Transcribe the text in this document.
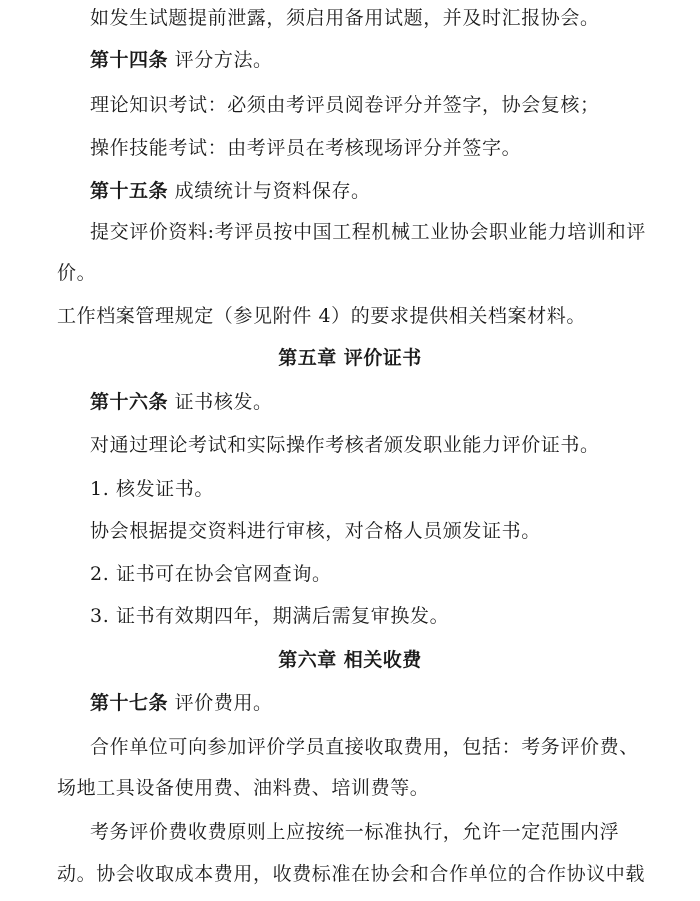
如发生试题提前泄露，须启用备用试题，并及时汇报协会。
第十四条 评分方法。
理论知识考试：必须由考评员阅卷评分并签字，协会复核；
操作技能考试：由考评员在考核现场评分并签字。
第十五条 成绩统计与资料保存。
提交评价资料:考评员按中国工程机械工业协会职业能力培训和评
价。
工作档案管理规定（参见附件 4）的要求提供相关档案材料。
第五章 评价证书
第十六条 证书核发。
对通过理论考试和实际操作考核者颁发职业能力评价证书。
1. 核发证书。
协会根据提交资料进行审核，对合格人员颁发证书。
2. 证书可在协会官网查询。
3. 证书有效期四年，期满后需复审换发。
第六章 相关收费
第十七条 评价费用。
合作单位可向参加评价学员直接收取费用，包括：考务评价费、
场地工具设备使用费、油料费、培训费等。
考务评价费收费原则上应按统一标准执行，允许一定范围内浮
动。协会收取成本费用，收费标准在协会和合作单位的合作协议中载
